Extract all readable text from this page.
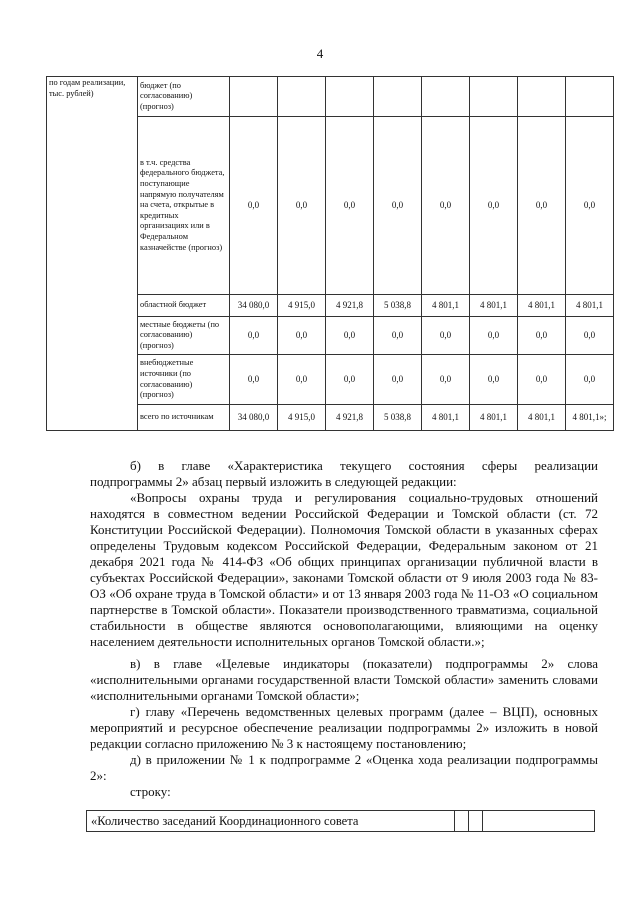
4
по годам реализации, тыс. рублей)	бюджет (по согласованию) (прогноз)								
	в т.ч. средства федерального бюджета, поступающие напрямую получателям на счета, открытые в кредитных организациях или в Федеральном казначействе (прогноз)	0,0	0,0	0,0	0,0	0,0	0,0	0,0	0,0
	областной бюджет	34 080,0	4 915,0	4 921,8	5 038,8	4 801,1	4 801,1	4 801,1	4 801,1
	местные бюджеты (по согласованию) (прогноз)	0,0	0,0	0,0	0,0	0,0	0,0	0,0	0,0
	внебюджетные источники (по согласованию) (прогноз)	0,0	0,0	0,0	0,0	0,0	0,0	0,0	0,0
	всего по источникам	34 080,0	4 915,0	4 921,8	5 038,8	4 801,1	4 801,1	4 801,1	4 801,1»;

б) в главе «Характеристика текущего состояния сферы реализации

подпрограммы 2» абзац первый изложить в следующей редакции:

«Вопросы охраны труда и регулирования социально-трудовых отношений находятся в совместном ведении Российской Федерации и Томской области (ст. 72 Конституции Российской Федерации). Полномочия Томской области в указанных сферах определены Трудовым кодексом Российской Федерации, Федеральным законом от 21 декабря 2021 года № 414-ФЗ «Об общих принципах организации публичной власти в субъектах Российской Федерации», законами Томской области от 9 июля 2003 года № 83-ОЗ «Об охране труда в Томской области» и от 13 января 2003 года № 11-ОЗ «О социальном партнерстве в Томской области». Показатели производственного травматизма, социальной стабильности в обществе являются основополагающими, влияющими на оценку населением деятельности исполнительных органов Томской области.»;

в) в главе «Целевые индикаторы (показатели) подпрограммы 2» слова «исполнительными органами государственной власти Томской области» заменить словами «исполнительными органами Томской области»;

г) главу «Перечень ведомственных целевых программ (далее – ВЦП), основных мероприятий и ресурсное обеспечение реализации подпрограммы 2» изложить в новой редакции согласно приложению № 3 к настоящему постановлению;

д) в приложении № 1 к подпрограмме 2 «Оценка хода реализации подпрограммы 2»:

строку:

«Количество заседаний Координационного совета			
